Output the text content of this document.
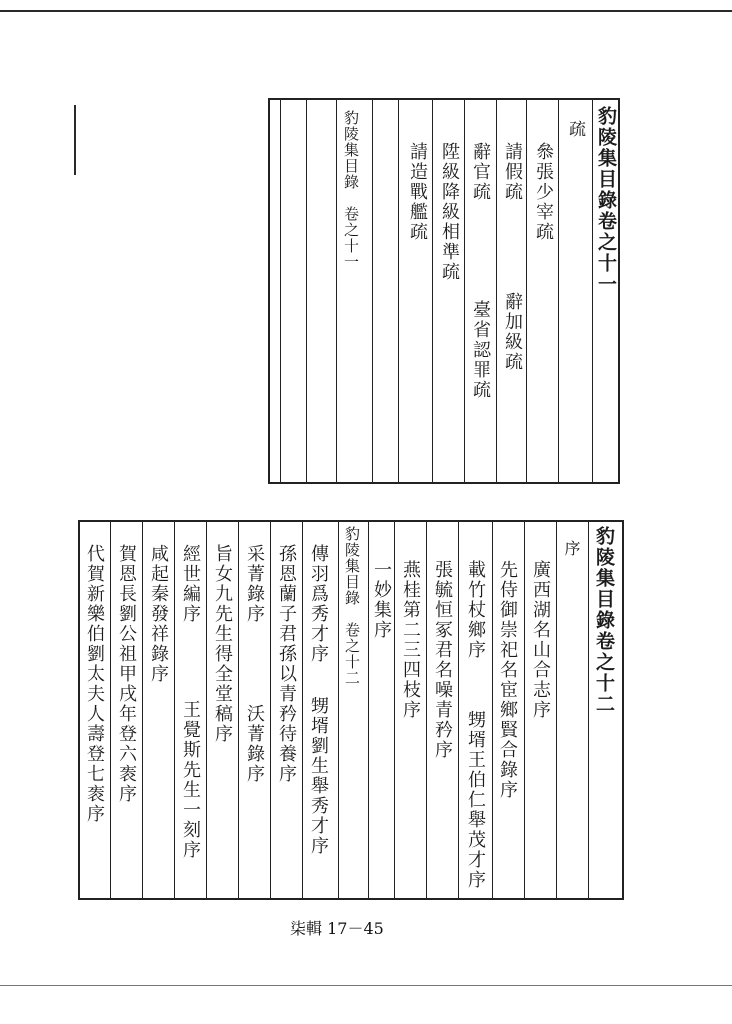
豹陵集目錄卷之十一
疏
叅張少宰疏
請假疏
辭加級疏
辭官疏
臺省認罪疏
陞級降級相準疏
請造戰艦疏
豹陵集目錄　卷之十一
豹陵集目錄卷之十二
序
廣西湖名山合志序
先侍御崇祀名宦鄉賢合錄序
載竹杖鄉序
甥壻王伯仁舉茂才序
張毓恒冢君名噪青矜序
燕桂第二三四枝序
一妙集序
豹陵集目錄　卷之十二
傳羽爲秀才序
甥壻劉生舉秀才序
孫恩蘭子君孫以青矜待養序
采菁錄序
沃菁錄序
旨女九先生得全堂稿序
經世編序
王覺斯先生一刻序
咸起秦發祥錄序
賀恩長劉公祖甲戌年登六袠序
代賀新樂伯劉太夫人壽登七袠序
柒輯 17－45
